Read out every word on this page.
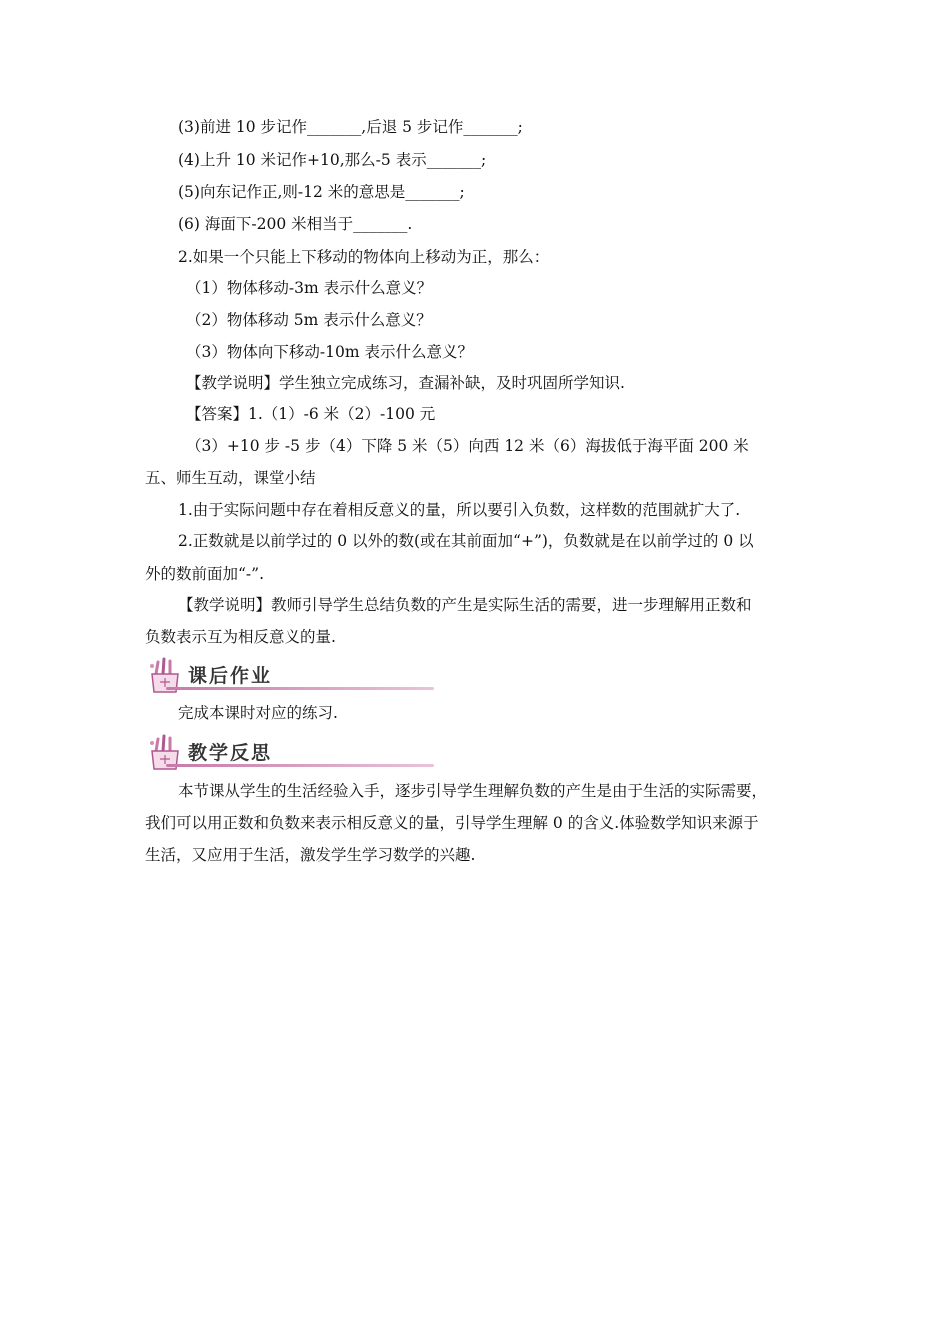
(3)前进 10 步记作_______,后退 5 步记作_______;
(4)上升 10 米记作+10,那么-5 表示_______;
(5)向东记作正,则-12 米的意思是_______;
(6) 海面下-200 米相当于_______.
2.如果一个只能上下移动的物体向上移动为正，那么：
（1）物体移动-3m 表示什么意义？
（2）物体移动 5m 表示什么意义？
（3）物体向下移动-10m 表示什么意义？
【教学说明】学生独立完成练习，查漏补缺，及时巩固所学知识.
【答案】1.（1）-6 米（2）-100 元
（3）+10 步 -5 步（4）下降 5 米（5）向西 12 米（6）海拔低于海平面 200 米
五、师生互动，课堂小结
1.由于实际问题中存在着相反意义的量，所以要引入负数，这样数的范围就扩大了.
2.正数就是以前学过的 0 以外的数(或在其前面加“+”)，负数就是在以前学过的 0 以
外的数前面加“-”.
【教学说明】教师引导学生总结负数的产生是实际生活的需要，进一步理解用正数和
负数表示互为相反意义的量.
课后作业
完成本课时对应的练习.
教学反思
本节课从学生的生活经验入手，逐步引导学生理解负数的产生是由于生活的实际需要，
我们可以用正数和负数来表示相反意义的量，引导学生理解 0 的含义.体验数学知识来源于
生活，又应用于生活，激发学生学习数学的兴趣.
